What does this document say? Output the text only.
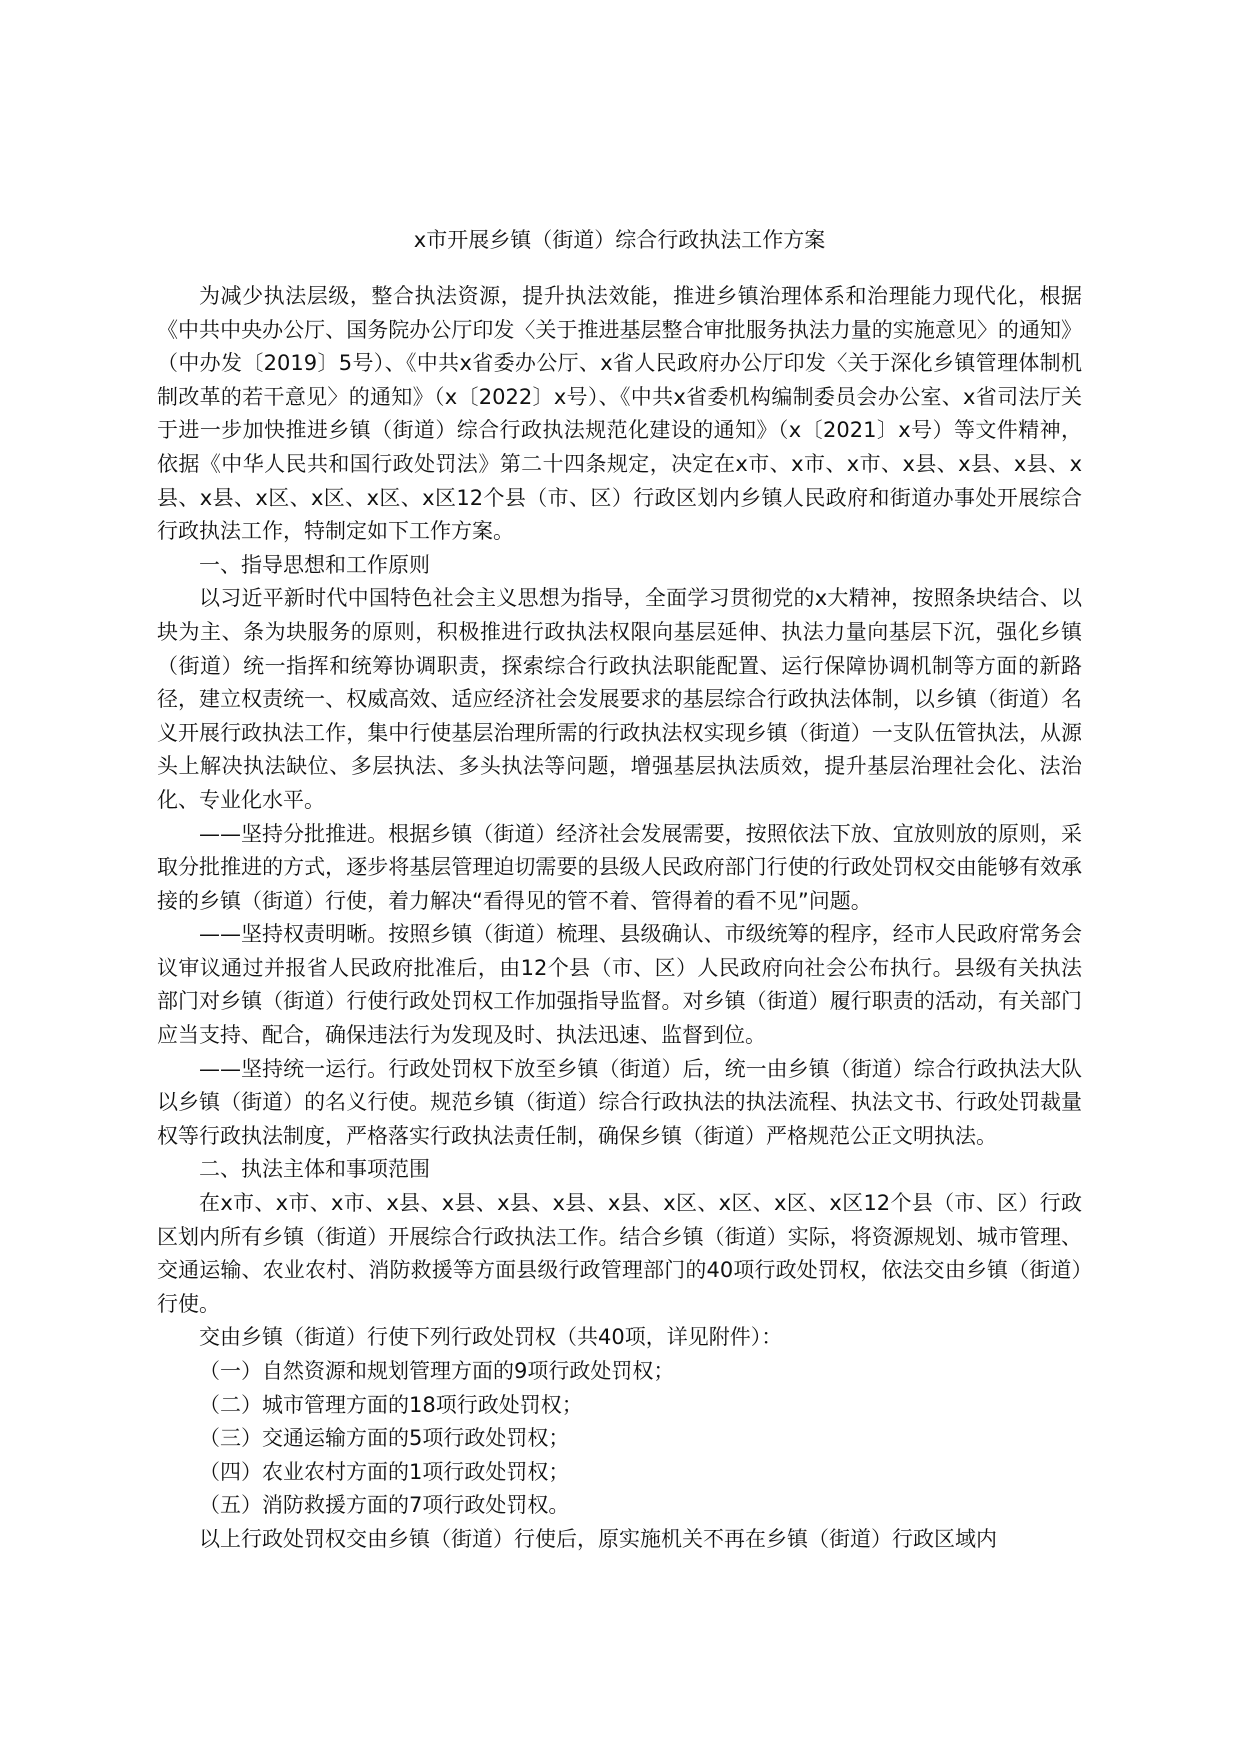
x市开展乡镇（街道）综合行政执法工作方案

为减少执法层级，整合执法资源，提升执法效能，推进乡镇治理体系和治理能力现代化，根据《中共中央办公厅、国务院办公厅印发〈关于推进基层整合审批服务执法力量的实施意见〉的通知》（中办发〔2019〕5号）、《中共x省委办公厅、x省人民政府办公厅印发〈关于深化乡镇管理体制机制改革的若干意见〉的通知》（x〔2022〕x号）、《中共x省委机构编制委员会办公室、x省司法厅关于进一步加快推进乡镇（街道）综合行政执法规范化建设的通知》（x〔2021〕x号）等文件精神，依据《中华人民共和国行政处罚法》第二十四条规定，决定在x市、x市、x市、x县、x县、x县、x县、x县、x区、x区、x区、x区12个县（市、区）行政区划内乡镇人民政府和街道办事处开展综合行政执法工作，特制定如下工作方案。

一、指导思想和工作原则

以习近平新时代中国特色社会主义思想为指导，全面学习贯彻党的x大精神，按照条块结合、以块为主、条为块服务的原则，积极推进行政执法权限向基层延伸、执法力量向基层下沉，强化乡镇（街道）统一指挥和统筹协调职责，探索综合行政执法职能配置、运行保障协调机制等方面的新路径，建立权责统一、权威高效、适应经济社会发展要求的基层综合行政执法体制，以乡镇（街道）名义开展行政执法工作，集中行使基层治理所需的行政执法权实现乡镇（街道）一支队伍管执法，从源头上解决执法缺位、多层执法、多头执法等问题，增强基层执法质效，提升基层治理社会化、法治化、专业化水平。

——坚持分批推进。根据乡镇（街道）经济社会发展需要，按照依法下放、宜放则放的原则，采取分批推进的方式，逐步将基层管理迫切需要的县级人民政府部门行使的行政处罚权交由能够有效承接的乡镇（街道）行使，着力解决“看得见的管不着、管得着的看不见”问题。

——坚持权责明晰。按照乡镇（街道）梳理、县级确认、市级统筹的程序，经市人民政府常务会议审议通过并报省人民政府批准后，由12个县（市、区）人民政府向社会公布执行。县级有关执法部门对乡镇（街道）行使行政处罚权工作加强指导监督。对乡镇（街道）履行职责的活动，有关部门应当支持、配合，确保违法行为发现及时、执法迅速、监督到位。

——坚持统一运行。行政处罚权下放至乡镇（街道）后，统一由乡镇（街道）综合行政执法大队以乡镇（街道）的名义行使。规范乡镇（街道）综合行政执法的执法流程、执法文书、行政处罚裁量权等行政执法制度，严格落实行政执法责任制，确保乡镇（街道）严格规范公正文明执法。

二、执法主体和事项范围

在x市、x市、x市、x县、x县、x县、x县、x县、x区、x区、x区、x区12个县（市、区）行政区划内所有乡镇（街道）开展综合行政执法工作。结合乡镇（街道）实际，将资源规划、城市管理、交通运输、农业农村、消防救援等方面县级行政管理部门的40项行政处罚权，依法交由乡镇（街道）行使。

交由乡镇（街道）行使下列行政处罚权（共40项，详见附件）：

（一）自然资源和规划管理方面的9项行政处罚权；

（二）城市管理方面的18项行政处罚权；

（三）交通运输方面的5项行政处罚权；

（四）农业农村方面的1项行政处罚权；

（五）消防救援方面的7项行政处罚权。

以上行政处罚权交由乡镇（街道）行使后，原实施机关不再在乡镇（街道）行政区域内
